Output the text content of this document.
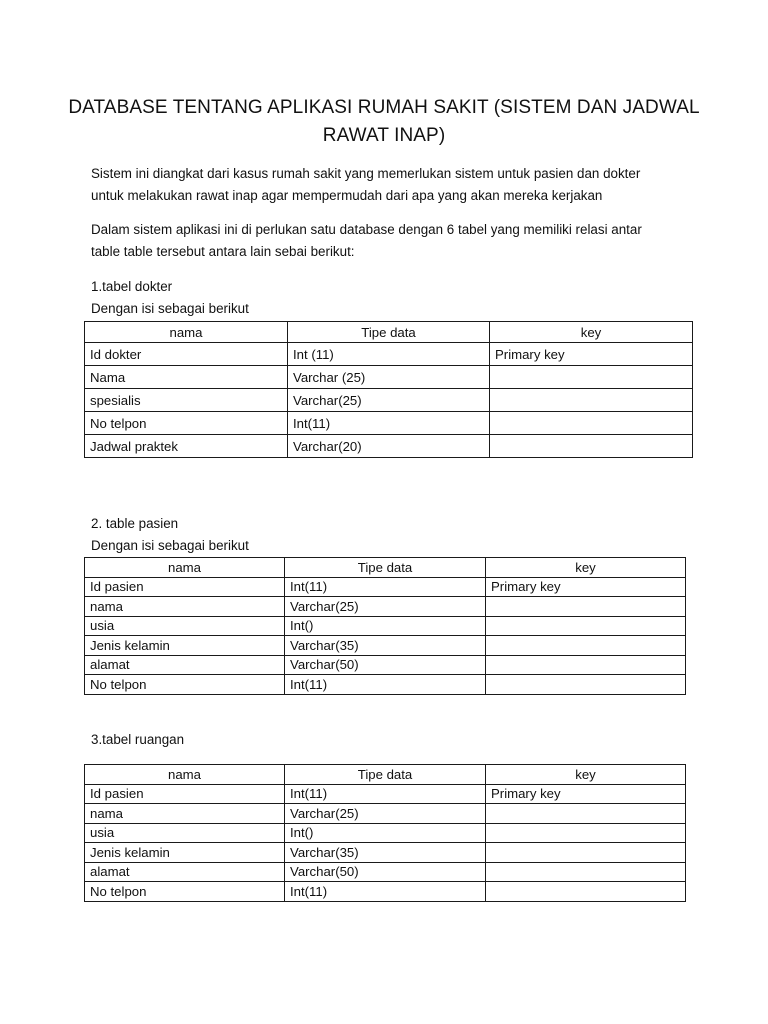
DATABASE TENTANG APLIKASI RUMAH SAKIT (SISTEM DAN JADWAL
RAWAT INAP)
Sistem ini diangkat dari kasus rumah sakit yang memerlukan sistem untuk pasien dan dokter
untuk melakukan rawat inap agar mempermudah dari apa yang akan mereka kerjakan
Dalam sistem aplikasi ini di perlukan satu database dengan 6 tabel yang memiliki relasi antar
table table tersebut antara lain sebai berikut:
1.tabel dokter
Dengan isi sebagai berikut
nama	Tipe data	key
Id dokter	Int (11)	Primary key
Nama	Varchar (25)	
spesialis	Varchar(25)	
No telpon	Int(11)	
Jadwal praktek	Varchar(20)	
2. table pasien
Dengan isi sebagai berikut
nama	Tipe data	key
Id pasien	Int(11)	Primary key
nama	Varchar(25)	
usia	Int()	
Jenis kelamin	Varchar(35)	
alamat	Varchar(50)	
No telpon	Int(11)	
3.tabel ruangan
nama	Tipe data	key
Id pasien	Int(11)	Primary key
nama	Varchar(25)	
usia	Int()	
Jenis kelamin	Varchar(35)	
alamat	Varchar(50)	
No telpon	Int(11)	
